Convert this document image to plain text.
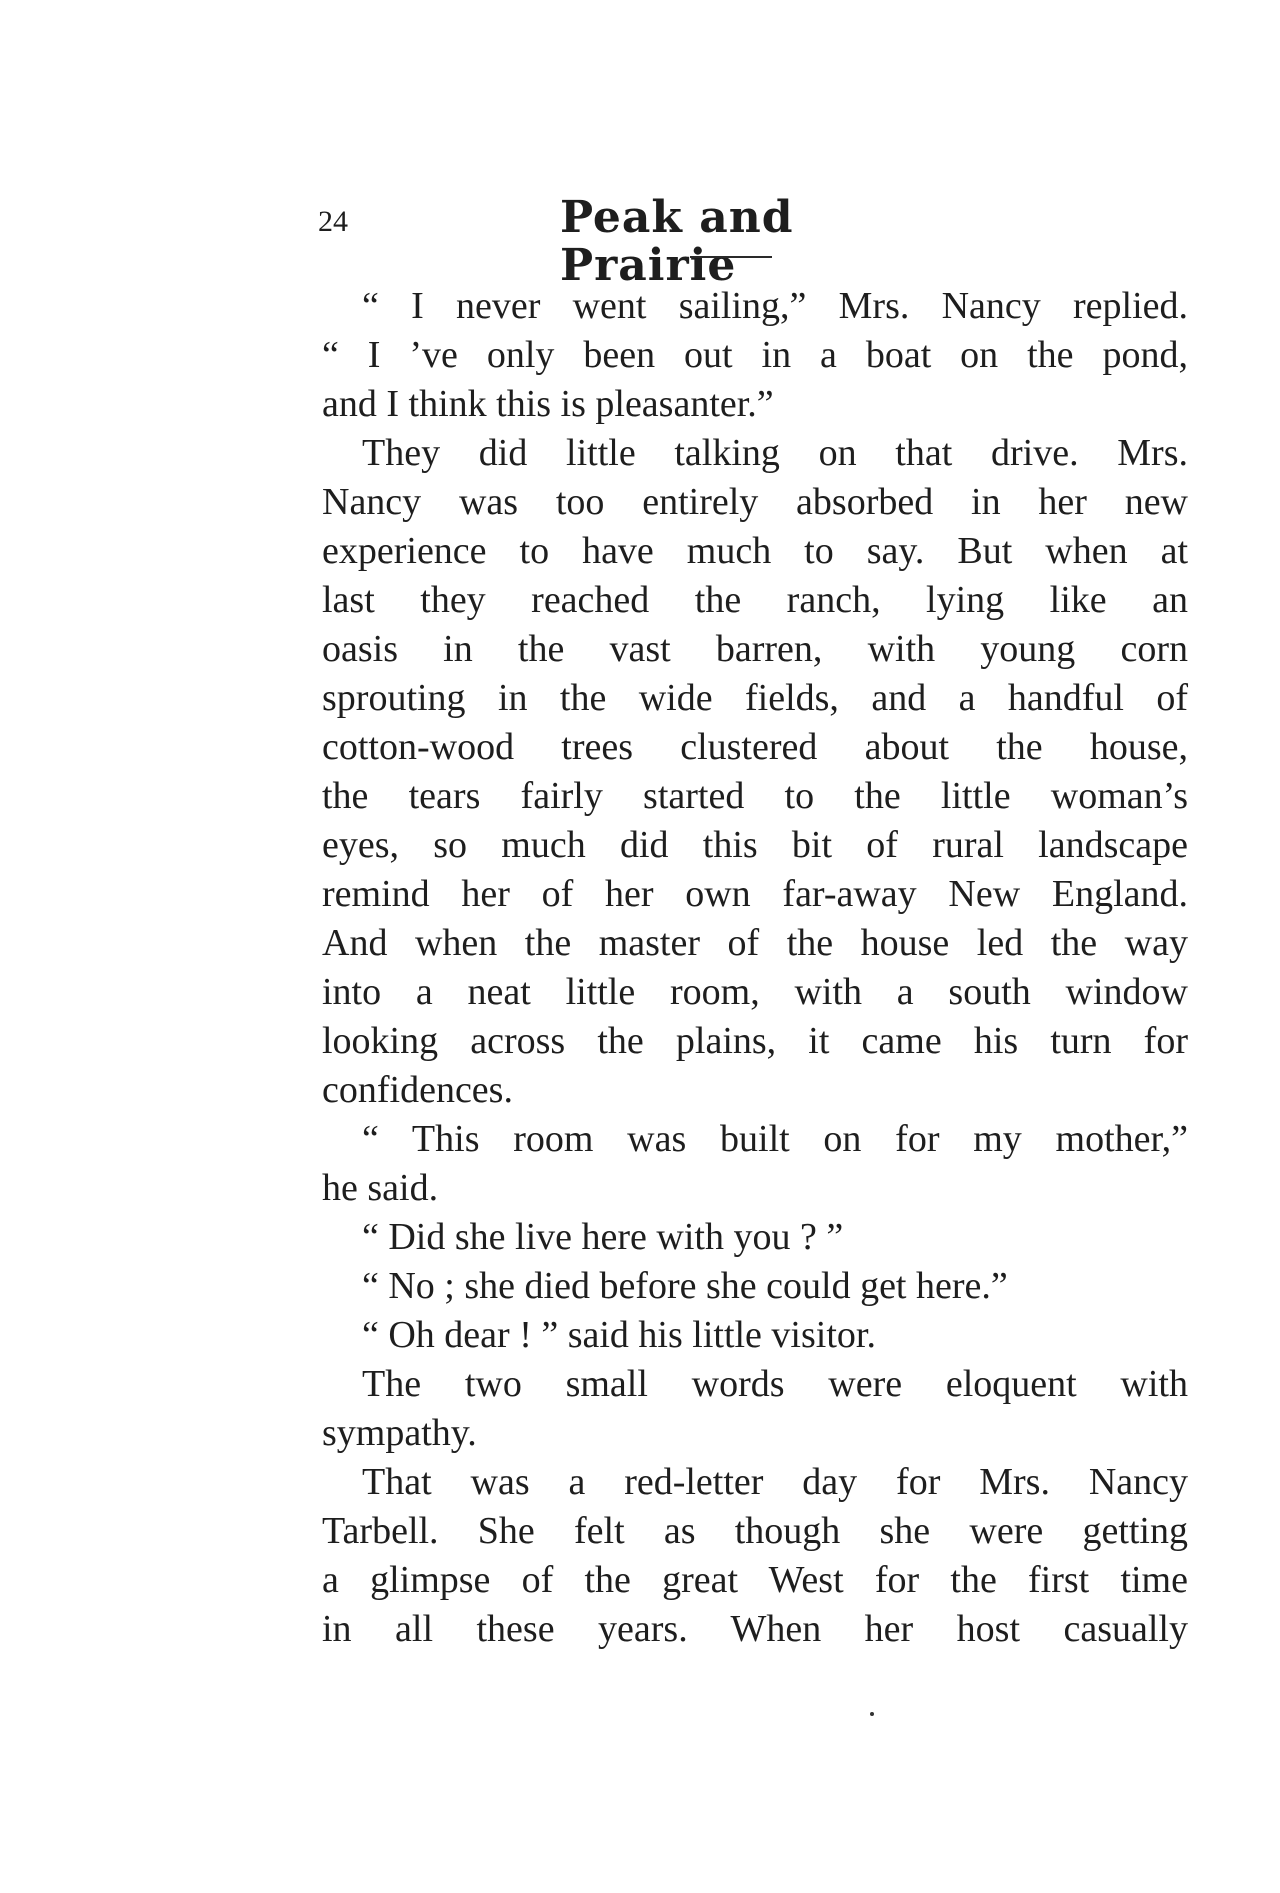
24	Peak and Prairie
“ I never went sailing,” Mrs. Nancy replied.
“ I ’ve only been out in a boat on the pond,
and I think this is pleasanter.”
They did little talking on that drive. Mrs.
Nancy was too entirely absorbed in her new
experience to have much to say. But when at
last they reached the ranch, lying like an
oasis in the vast barren, with young corn
sprouting in the wide fields, and a handful of
cotton-wood trees clustered about the house,
the tears fairly started to the little woman’s
eyes, so much did this bit of rural landscape
remind her of her own far-away New England.
And when the master of the house led the way
into a neat little room, with a south window
looking across the plains, it came his turn for
confidences.
“ This room was built on for my mother,”
he said.
“ Did she live here with you ? ”
“ No ; she died before she could get here.”
“ Oh dear ! ” said his little visitor.
The two small words were eloquent with
sympathy.
That was a red-letter day for Mrs. Nancy
Tarbell. She felt as though she were getting
a glimpse of the great West for the first time
in all these years. When her host casually
